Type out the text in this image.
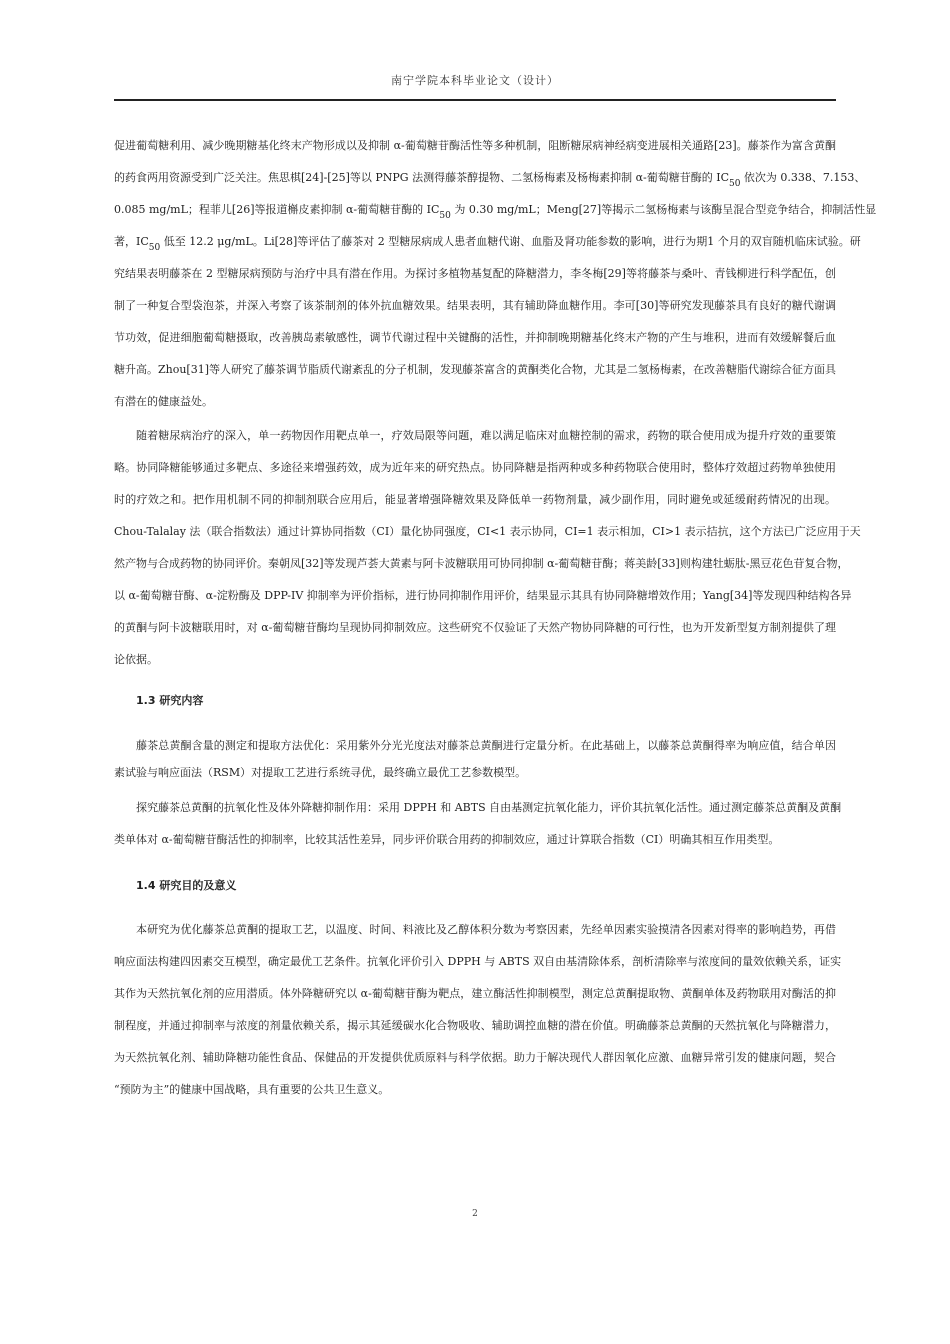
南宁学院本科毕业论文（设计）
促进葡萄糖利用、减少晚期糖基化终末产物形成以及抑制 α-葡萄糖苷酶活性等多种机制，阻断糖尿病神经病变进展相关通路[23]。藤茶作为富含黄酮
的药食两用资源受到广泛关注。焦思棋[24]-[25]等以 PNPG 法测得藤茶醇提物、二氢杨梅素及杨梅素抑制 α-葡萄糖苷酶的 $IC_{50}$ 依次为 0.338、7.153、
0.085 mg/mL；程菲儿[26]等报道槲皮素抑制 α-葡萄糖苷酶的 $IC_{50}$ 为 0.30 mg/mL；Meng[27]等揭示二氢杨梅素与该酶呈混合型竞争结合，抑制活性显
著，$IC_{50}$ 低至 12.2 μg/mL。Li[28]等评估了藤茶对 2 型糖尿病成人患者血糖代谢、血脂及肾功能参数的影响，进行为期1 个月的双盲随机临床试验。研
究结果表明藤茶在 2 型糖尿病预防与治疗中具有潜在作用。为探讨多植物基复配的降糖潜力，李冬梅[29]等将藤茶与桑叶、青钱柳进行科学配伍，创
制了一种复合型袋泡茶，并深入考察了该茶制剂的体外抗血糖效果。结果表明，其有辅助降血糖作用。李可[30]等研究发现藤茶具有良好的糖代谢调
节功效，促进细胞葡萄糖摄取，改善胰岛素敏感性，调节代谢过程中关键酶的活性，并抑制晚期糖基化终末产物的产生与堆积，进而有效缓解餐后血
糖升高。Zhou[31]等人研究了藤茶调节脂质代谢紊乱的分子机制，发现藤茶富含的黄酮类化合物，尤其是二氢杨梅素，在改善糖脂代谢综合征方面具
有潜在的健康益处。
随着糖尿病治疗的深入，单一药物因作用靶点单一，疗效局限等问题，难以满足临床对血糖控制的需求，药物的联合使用成为提升疗效的重要策
略。协同降糖能够通过多靶点、多途径来增强药效，成为近年来的研究热点。协同降糖是指两种或多种药物联合使用时，整体疗效超过药物单独使用
时的疗效之和。把作用机制不同的抑制剂联合应用后，能显著增强降糖效果及降低单一药物剂量，减少副作用，同时避免或延缓耐药情况的出现。
Chou-Talalay 法（联合指数法）通过计算协同指数（CI）量化协同强度，CI<1 表示协同，CI=1 表示相加，CI>1 表示拮抗，这个方法已广泛应用于天
然产物与合成药物的协同评价。秦朝凤[32]等发现芦荟大黄素与阿卡波糖联用可协同抑制 α-葡萄糖苷酶；蒋美龄[33]则构建牡蛎肽-黑豆花色苷复合物，
以 α-葡萄糖苷酶、α-淀粉酶及 DPP-IV 抑制率为评价指标，进行协同抑制作用评价，结果显示其具有协同降糖增效作用；Yang[34]等发现四种结构各异
的黄酮与阿卡波糖联用时，对 α-葡萄糖苷酶均呈现协同抑制效应。这些研究不仅验证了天然产物协同降糖的可行性，也为开发新型复方制剂提供了理
论依据。
1.3 研究内容
藤茶总黄酮含量的测定和提取方法优化：采用紫外分光光度法对藤茶总黄酮进行定量分析。在此基础上，以藤茶总黄酮得率为响应值，结合单因
素试验与响应面法（RSM）对提取工艺进行系统寻优，最终确立最优工艺参数模型。
探究藤茶总黄酮的抗氧化性及体外降糖抑制作用：采用 DPPH 和 ABTS 自由基测定抗氧化能力，评价其抗氧化活性。通过测定藤茶总黄酮及黄酮
类单体对 α-葡萄糖苷酶活性的抑制率，比较其活性差异，同步评价联合用药的抑制效应，通过计算联合指数（CI）明确其相互作用类型。
1.4 研究目的及意义
本研究为优化藤茶总黄酮的提取工艺，以温度、时间、料液比及乙醇体积分数为考察因素，先经单因素实验摸清各因素对得率的影响趋势，再借
响应面法构建四因素交互模型，确定最优工艺条件。抗氧化评价引入 DPPH 与 ABTS 双自由基清除体系，剖析清除率与浓度间的量效依赖关系，证实
其作为天然抗氧化剂的应用潜质。体外降糖研究以 α-葡萄糖苷酶为靶点，建立酶活性抑制模型，测定总黄酮提取物、黄酮单体及药物联用对酶活的抑
制程度，并通过抑制率与浓度的剂量依赖关系，揭示其延缓碳水化合物吸收、辅助调控血糖的潜在价值。明确藤茶总黄酮的天然抗氧化与降糖潜力，
为天然抗氧化剂、辅助降糖功能性食品、保健品的开发提供优质原料与科学依据。助力于解决现代人群因氧化应激、血糖异常引发的健康问题，契合
“预防为主”的健康中国战略，具有重要的公共卫生意义。
2
